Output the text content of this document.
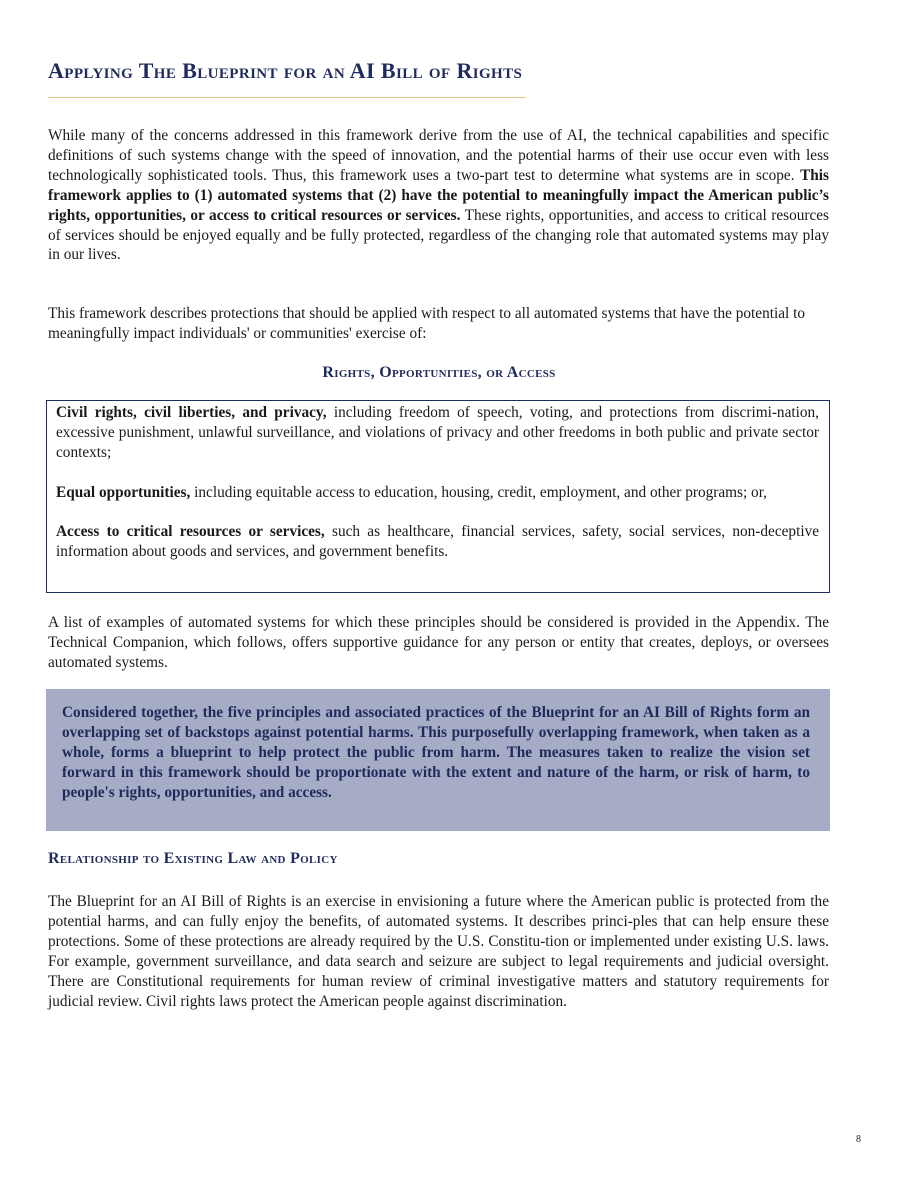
Applying The Blueprint for an AI Bill of Rights

While many of the concerns addressed in this framework derive from the use of AI, the technical capabilities and specific definitions of such systems change with the speed of innovation, and the potential harms of their use occur even with less technologically sophisticated tools. Thus, this framework uses a two-part test to determine what systems are in scope. This framework applies to (1) automated systems that (2) have the potential to meaningfully impact the American public’s rights, opportunities, or access to critical resources or services. These rights, opportunities, and access to critical resources of services should be enjoyed equally and be fully protected, regardless of the changing role that automated systems may play in our lives.

This framework describes protections that should be applied with respect to all automated systems that have the potential to meaningfully impact individuals' or communities' exercise of:

Rights, Opportunities, or Access

Civil rights, civil liberties, and privacy, including freedom of speech, voting, and protections from discrimi-nation, excessive punishment, unlawful surveillance, and violations of privacy and other freedoms in both public and private sector contexts;

Equal opportunities, including equitable access to education, housing, credit, employment, and other programs; or,

Access to critical resources or services, such as healthcare, financial services, safety, social services, non-deceptive information about goods and services, and government benefits.

A list of examples of automated systems for which these principles should be considered is provided in the Appendix. The Technical Companion, which follows, offers supportive guidance for any person or entity that creates, deploys, or oversees automated systems.

Considered together, the five principles and associated practices of the Blueprint for an AI Bill of Rights form an overlapping set of backstops against potential harms. This purposefully overlapping framework, when taken as a whole, forms a blueprint to help protect the public from harm. The measures taken to realize the vision set forward in this framework should be proportionate with the extent and nature of the harm, or risk of harm, to people's rights, opportunities, and access.

Relationship to Existing Law and Policy

The Blueprint for an AI Bill of Rights is an exercise in envisioning a future where the American public is protected from the potential harms, and can fully enjoy the benefits, of automated systems. It describes princi-ples that can help ensure these protections. Some of these protections are already required by the U.S. Constitu-tion or implemented under existing U.S. laws. For example, government surveillance, and data search and seizure are subject to legal requirements and judicial oversight. There are Constitutional requirements for human review of criminal investigative matters and statutory requirements for judicial review. Civil rights laws protect the American people against discrimination.

8
